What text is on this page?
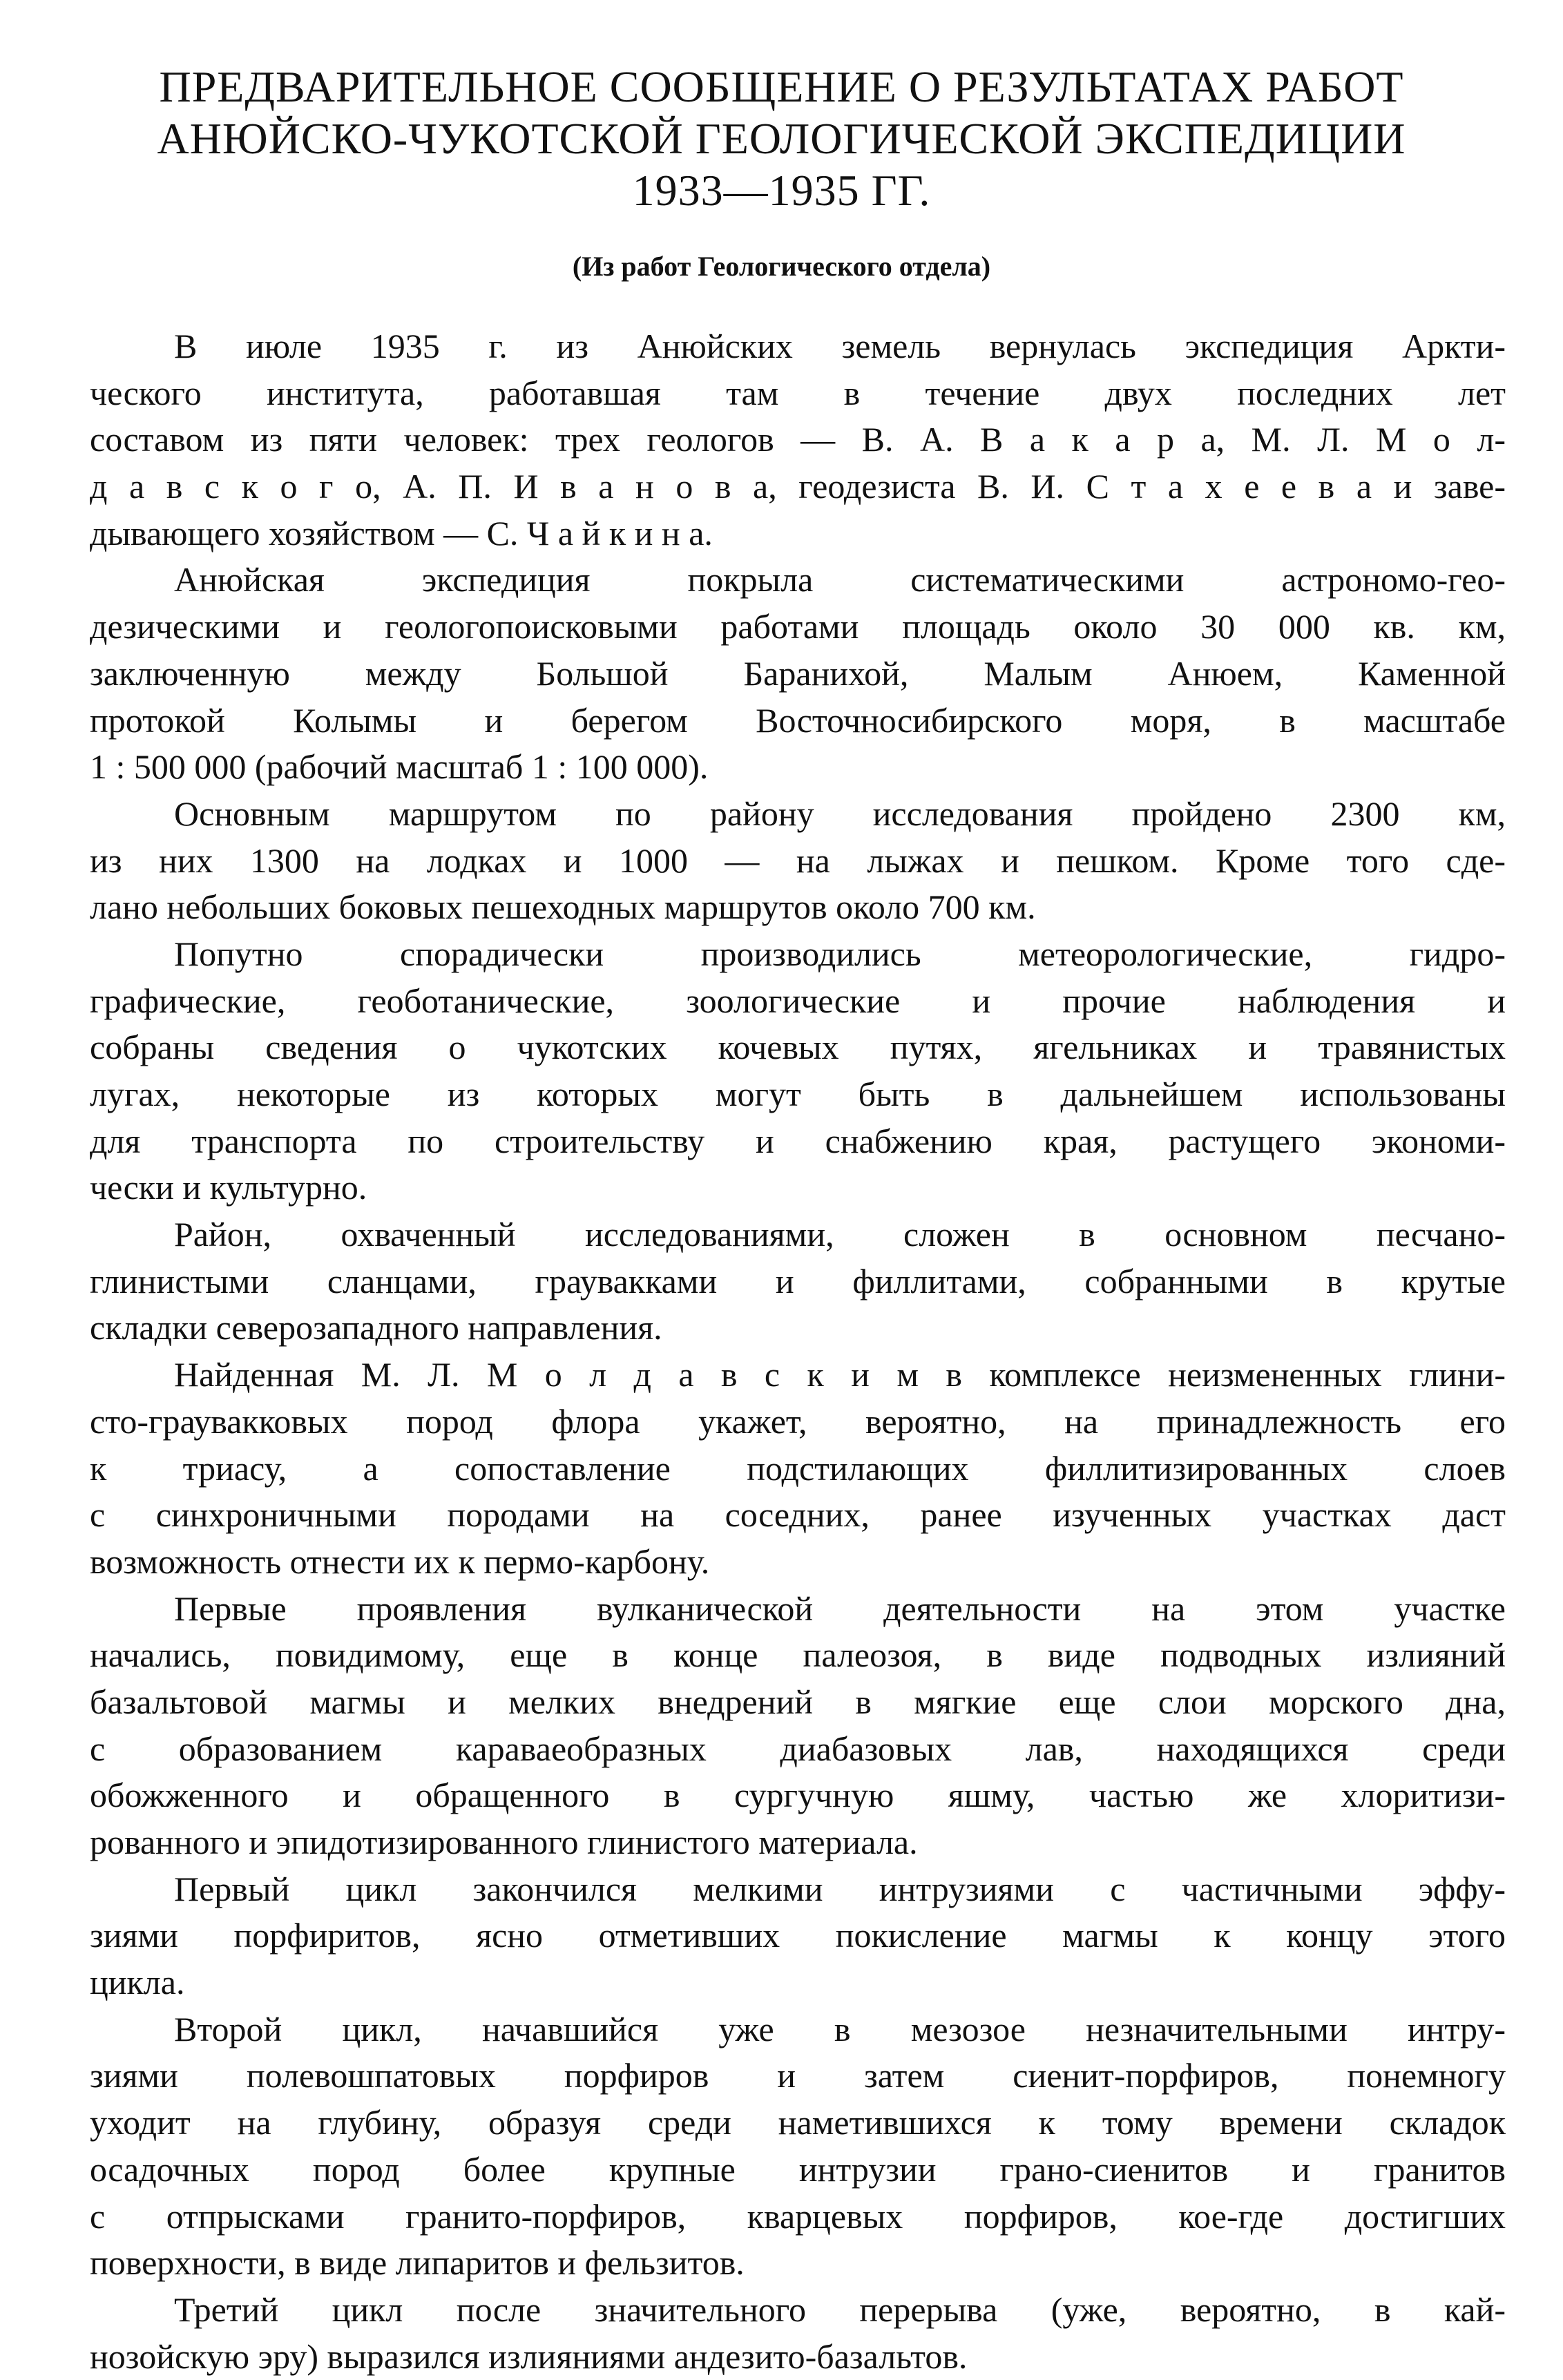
ПРЕДВАРИТЕЛЬНОЕ СООБЩЕНИЕ О РЕЗУЛЬТАТАХ РАБОТ
АНЮЙСКО-ЧУКОТСКОЙ ГЕОЛОГИЧЕСКОЙ ЭКСПЕДИЦИИ
1933—1935 ГГ.
(Из работ Геологического отдела)
В июле 1935 г. из Анюйских земель вернулась экспедиция Аркти-
ческого института, работавшая там в течение двух последних лет
составом из пяти человек: трех геологов — В. А. В а к а р а, М. Л. М о л-
д а в с к о г о, А. П. И в а н о в а, геодезиста В. И. С т а х е е в а и заве-
дывающего хозяйством — С. Ч а й к и н а.
Анюйская экспедиция покрыла систематическими астрономо-гео-
дезическими и геологопоисковыми работами площадь около 30 000 кв. км,
заключенную между Большой Баранихой, Малым Анюем, Каменной
протокой Колымы и берегом Восточносибирского моря, в масштабе
1 : 500 000 (рабочий масштаб 1 : 100 000).
Основным маршрутом по району исследования пройдено 2300 км,
из них 1300 на лодках и 1000 — на лыжах и пешком. Кроме того сде-
лано небольших боковых пешеходных маршрутов около 700 км.
Попутно спорадически производились метеорологические, гидро-
графические, геоботанические, зоологические и прочие наблюдения и
собраны сведения о чукотских кочевых путях, ягельниках и травянистых
лугах, некоторые из которых могут быть в дальнейшем использованы
для транспорта по строительству и снабжению края, растущего экономи-
чески и культурно.
Район, охваченный исследованиями, сложен в основном песчано-
глинистыми сланцами, граувакками и филлитами, собранными в крутые
складки северозападного направления.
Найденная М. Л. М о л д а в с к и м в комплексе неизмененных глини-
сто-граувакковых пород флора укажет, вероятно, на принадлежность его
к триасу, а сопоставление подстилающих филлитизированных слоев
с синхроничными породами на соседних, ранее изученных участках даст
возможность отнести их к пермо-карбону.
Первые проявления вулканической деятельности на этом участке
начались, повидимому, еще в конце палеозоя, в виде подводных излияний
базальтовой магмы и мелких внедрений в мягкие еще слои морского дна,
с образованием караваеобразных диабазовых лав, находящихся среди
обожженного и обращенного в сургучную яшму, частью же хлоритизи-
рованного и эпидотизированного глинистого материала.
Первый цикл закончился мелкими интрузиями с частичными эффу-
зиями порфиритов, ясно отметивших покисление магмы к концу этого
цикла.
Второй цикл, начавшийся уже в мезозое незначительными интру-
зиями полевошпатовых порфиров и затем сиенит-порфиров, понемногу
уходит на глубину, образуя среди наметившихся к тому времени складок
осадочных пород более крупные интрузии грано-сиенитов и гранитов
с отпрысками гранито-порфиров, кварцевых порфиров, кое-где достигших
поверхности, в виде липаритов и фельзитов.
Третий цикл после значительного перерыва (уже, вероятно, в кай-
нозойскую эру) выразился излияниями андезито-базальтов.
